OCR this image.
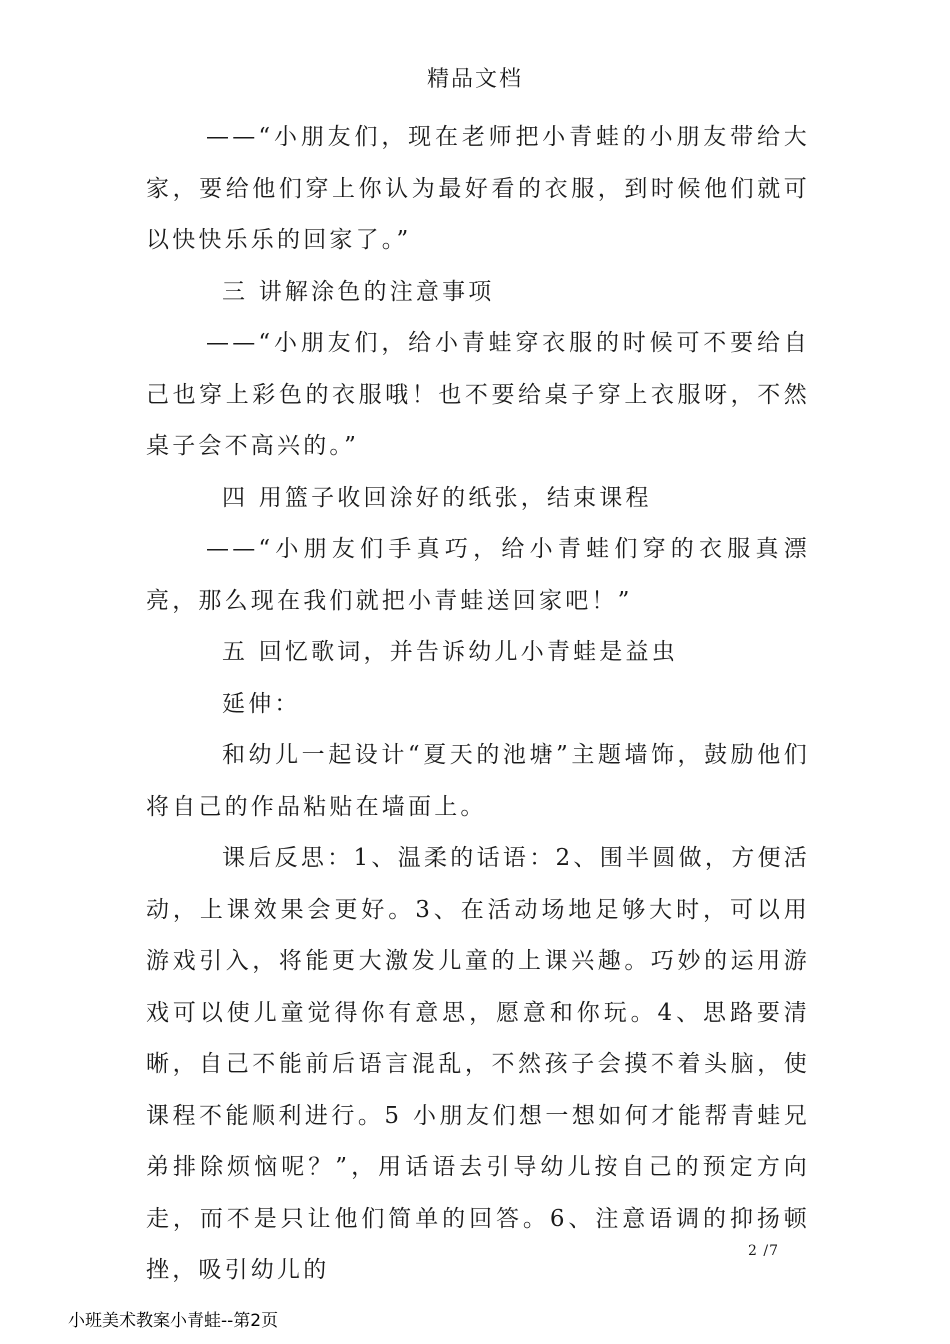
精品文档

——“小朋友们，现在老师把小青蛙的小朋友带给大家，要给他们穿上你认为最好看的衣服，到时候他们就可以快快乐乐的回家了。”

三 讲解涂色的注意事项

——“小朋友们，给小青蛙穿衣服的时候可不要给自己也穿上彩色的衣服哦！也不要给桌子穿上衣服呀，不然桌子会不高兴的。”

四 用篮子收回涂好的纸张，结束课程

——“小朋友们手真巧，给小青蛙们穿的衣服真漂亮，那么现在我们就把小青蛙送回家吧！”

五 回忆歌词，并告诉幼儿小青蛙是益虫

延伸：

和幼儿一起设计“夏天的池塘”主题墙饰，鼓励他们将自己的作品粘贴在墙面上。

课后反思：1、温柔的话语：2、围半圆做，方便活动，上课效果会更好。3、在活动场地足够大时，可以用游戏引入，将能更大激发儿童的上课兴趣。巧妙的运用游戏可以使儿童觉得你有意思，愿意和你玩。4、思路要清晰，自己不能前后语言混乱，不然孩子会摸不着头脑，使课程不能顺利进行。5 小朋友们想一想如何才能帮青蛙兄弟排除烦恼呢？”，用话语去引导幼儿按自己的预定方向走，而不是只让他们简单的回答。6、注意语调的抑扬顿挫，吸引幼儿的

2 /7
小班美术教案小青蛙--第2页
